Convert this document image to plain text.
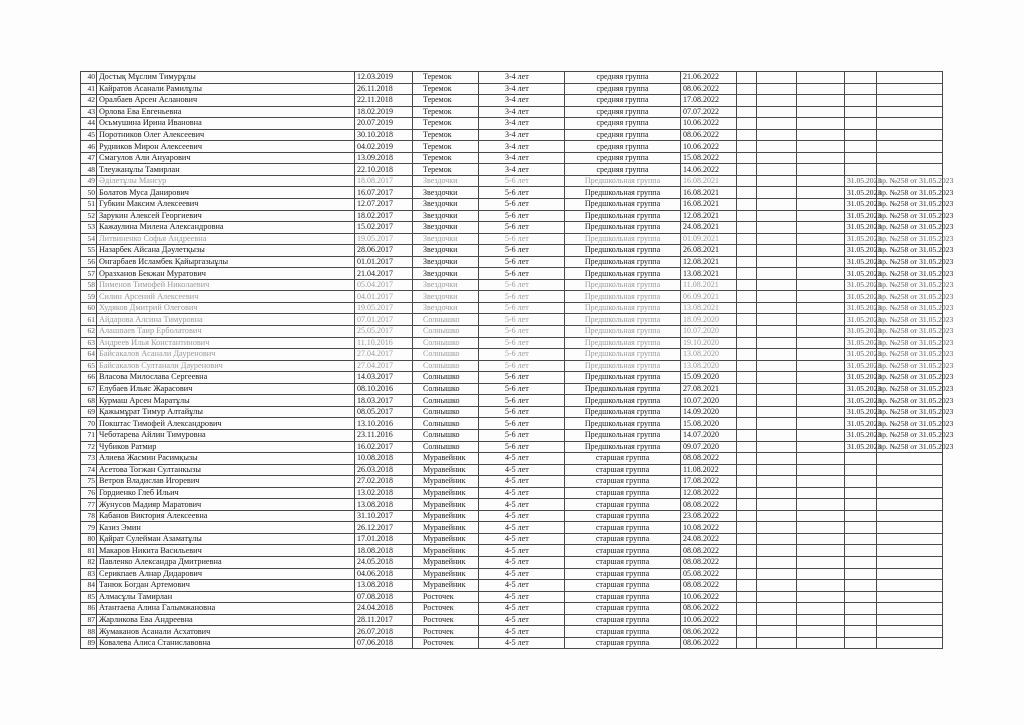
40	Достық Мұслим Тимурұлы	12.03.2019	Теремок	3-4 лет	средняя группа	21.06.2022					
41	Кайратов Асанали Рамилұлы	26.11.2018	Теремок	3-4 лет	средняя группа	08.06.2022					
42	Оралбаев Арсен Асланович	22.11.2018	Теремок	3-4 лет	средняя группа	17.08.2022					
43	Орлова Ева Евгеньевна	18.02.2019	Теремок	3-4 лет	средняя группа	07.07.2022					
44	Осьмушина Ирина Ивановна	20.07.2019	Теремок	3-4 лет	средняя группа	10.06.2022					
45	Поротников Олег Алексеевич	30.10.2018	Теремок	3-4 лет	средняя группа	08.06.2022					
46	Рудников Мирон Алексеевич	04.02.2019	Теремок	3-4 лет	средняя группа	10.06.2022					
47	Смагулов Али Ануарович	13.09.2018	Теремок	3-4 лет	средняя группа	15.08.2022					
48	Тлеужанұлы Тамирлан	22.10.2018	Теремок	3-4 лет	средняя группа	14.06.2022					
49	Әділетұлы Мансур	18.08.2017	Звездочки	5-6 лет	Предшкольная группа	16.08.2021				31.05.2023	пр. №258 от 31.05.2023
50	Болатов Муса Данирович	16.07.2017	Звездочки	5-6 лет	Предшкольная группа	16.08.2021				31.05.2023	пр. №258 от 31.05.2023
51	Губкин Максим Алексеевич	12.07.2017	Звездочки	5-6 лет	Предшкольная группа	16.08.2021				31.05.2023	пр. №258 от 31.05.2023
52	Зарукин Алексей Георгиевич	18.02.2017	Звездочки	5-6 лет	Предшкольная группа	12.08.2021				31.05.2023	пр. №258 от 31.05.2023
53	Кажаулина Милена Александровна	15.02.2017	Звездочки	5-6 лет	Предшкольная группа	24.08.2021				31.05.2023	пр. №258 от 31.05.2023
54	Литвиненко Софья Андреевна	19.05.2017	Звездочки	5-6 лет	Предшкольная группа	01.09.2021				31.05.2023	пр. №258 от 31.05.2023
55	Назарбек Айсана Дәулетқызы	28.06.2017	Звездочки	5-6 лет	Предшкольная группа	26.08.2021				31.05.2023	пр. №258 от 31.05.2023
56	Онгарбаев Исламбек Қайыргазыұлы	01.01.2017	Звездочки	5-6 лет	Предшкольная группа	12.08.2021				31.05.2023	пр. №258 от 31.05.2023
57	Оразханов Бекжан Муратович	21.04.2017	Звездочки	5-6 лет	Предшкольная группа	13.08.2021				31.05.2023	пр. №258 от 31.05.2023
58	Пименов Тимофей Николаевич	05.04.2017	Звездочки	5-6 лет	Предшкольная группа	11.08.2021				31.05.2023	пр. №258 от 31.05.2023
59	Силин Арсений Алексеевич	04.01.2017	Звездочки	5-6 лет	Предшкольная группа	06.09.2021				31.05.2023	пр. №258 от 31.05.2023
60	Худяков Дмитрий Олегович	19.05.2017	Звездочки	5-6 лет	Предшкольная группа	13.08.2021				31.05.2023	пр. №258 от 31.05.2023
61	Айдарова Алсина Тимуровна	07.01.2017	Солнышко	5-6 лет	Предшкольная группа	18.09.2020				31.05.2023	пр. №258 от 31.05.2023
62	Алашпаев Таир Ерболатович	25.05.2017	Солнышко	5-6 лет	Предшкольная группа	10.07.2020				31.05.2023	пр. №258 от 31.05.2023
63	Андреев Илья Константинович	11.10.2016	Солнышко	5-6 лет	Предшкольная группа	19.10.2020				31.05.2023	пр. №258 от 31.05.2023
64	Байсакалов Асанали Дауренович	27.04.2017	Солнышко	5-6 лет	Предшкольная группа	13.08.2020				31.05.2023	пр. №258 от 31.05.2023
65	Байсакалов Султанали Дауренович	27.04.2017	Солнышко	5-6 лет	Предшкольная группа	13.08.2020				31.05.2023	пр. №258 от 31.05.2023
66	Власова Милослава Сергеевна	14.03.2017	Солнышко	5-6 лет	Предшкольная группа	15.09.2020				31.05.2023	пр. №258 от 31.05.2023
67	Елубаев Ильяс Жарасович	08.10.2016	Солнышко	5-6 лет	Предшкольная группа	27.08.2021				31.05.2023	пр. №258 от 31.05.2023
68	Курмаш Арсен Маратұлы	18.03.2017	Солнышко	5-6 лет	Предшкольная группа	10.07.2020				31.05.2023	пр. №258 от 31.05.2023
69	Қажымұрат Тимур Алтайұлы	08.05.2017	Солнышко	5-6 лет	Предшкольная группа	14.09.2020				31.05.2023	пр. №258 от 31.05.2023
70	Покштас Тимофей Александрович	13.10.2016	Солнышко	5-6 лет	Предшкольная группа	15.08.2020				31.05.2023	пр. №258 от 31.05.2023
71	Чеботарева Айлин Тимуровна	23.11.2016	Солнышко	5-6 лет	Предшкольная группа	14.07.2020				31.05.2023	пр. №258 от 31.05.2023
72	Чубиков Ратмир	16.02.2017	Солнышко	5-6 лет	Предшкольная группа	09.07.2020				31.05.2023	пр. №258 от 31.05.2023
73	Алиева Жасмин Расимқызы	10.08.2018	Муравейник	4-5 лет	старшая группа	08.08.2022					
74	Асетова Тогжан Султанкызы	26.03.2018	Муравейник	4-5 лет	старшая группа	11.08.2022					
75	Ветров Владислав Игоревич	27.02.2018	Муравейник	4-5 лет	старшая группа	17.08.2022					
76	Гордиенко Глеб Ильич	13.02.2018	Муравейник	4-5 лет	старшая группа	12.08.2022					
77	Жунусов Мадияр Маратович	13.08.2018	Муравейник	4-5 лет	старшая группа	08.08.2022					
78	Кабанов Виктория Алексеевна	31.10.2017	Муравейник	4-5 лет	старшая группа	23.08.2022					
79	Казиз Эмин	26.12.2017	Муравейник	4-5 лет	старшая группа	10.08.2022					
80	Қайрат Сулейман Азаматұлы	17.01.2018	Муравейник	4-5 лет	старшая группа	24.08.2022					
81	Макаров Никита Васильевич	18.08.2018	Муравейник	4-5 лет	старшая группа	08.08.2022					
82	Павленко Александра Дмитриевна	24.05.2018	Муравейник	4-5 лет	старшая группа	08.08.2022					
83	Серикпаев Алнар Дидарович	04.06.2018	Муравейник	4-5 лет	старшая группа	05.08.2022					
84	Танюк Богдан Артемович	13.08.2018	Муравейник	4-5 лет	старшая группа	08.08.2022					
85	Алмасұлы Тамирлан	07.08.2018	Росточек	4-5 лет	старшая группа	10.06.2022					
86	Атантаева Алина Галымжановна	24.04.2018	Росточек	4-5 лет	старшая группа	08.06.2022					
87	Жарликова Ева Андреевна	28.11.2017	Росточек	4-5 лет	старшая группа	10.06.2022					
88	Жумаканов Асанали Асхатович	26.07.2018	Росточек	4-5 лет	старшая группа	08.06.2022					
89	Ковалева Алиса Станиславовна	07.06.2018	Росточек	4-5 лет	старшая группа	08.06.2022					
